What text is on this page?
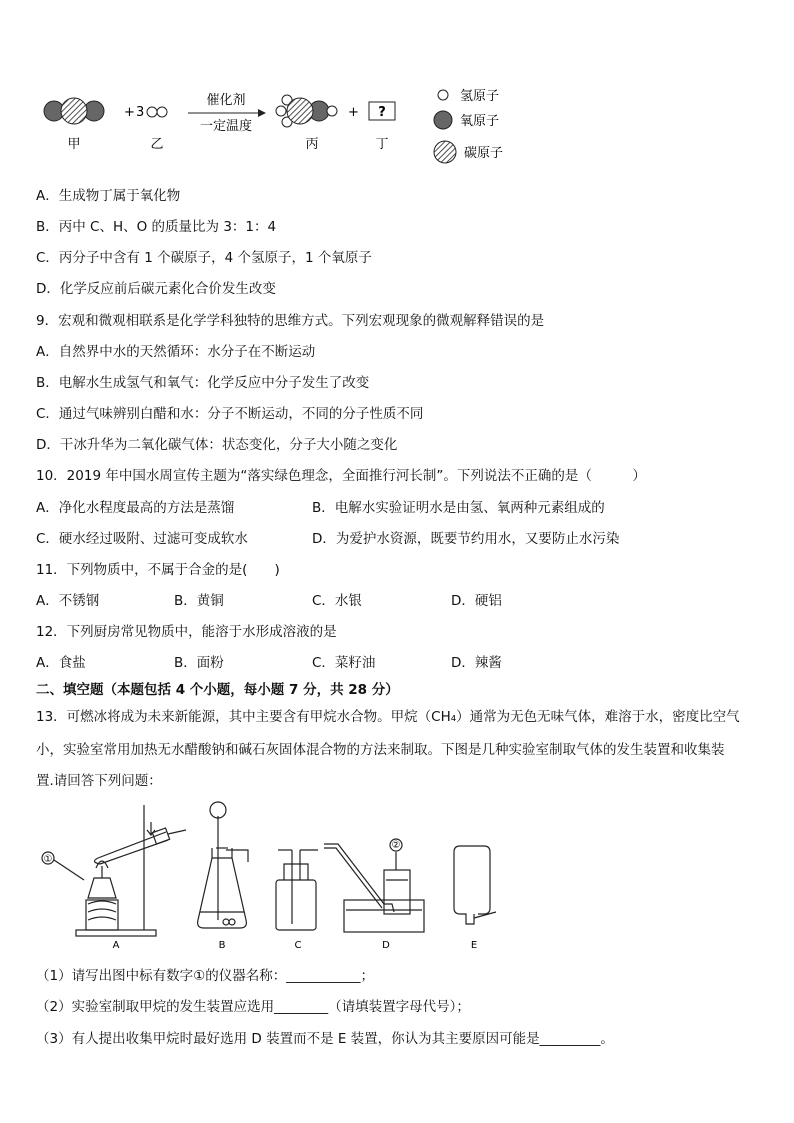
+ 3
催化剂
一定温度
+ ?
甲	乙	丙	丁
氢原子
氧原子
碳原子
A．生成物丁属于氧化物
B．丙中 C、H、O 的质量比为 3：1：4
C．丙分子中含有 1 个碳原子，4 个氢原子，1 个氧原子
D．化学反应前后碳元素化合价发生改变
9．宏观和微观相联系是化学学科独特的思维方式。下列宏观现象的微观解释错误的是
A．自然界中水的天然循环：水分子在不断运动
B．电解水生成氢气和氧气：化学反应中分子发生了改变
C．通过气味辨别白醋和水：分子不断运动，不同的分子性质不同
D．干冰升华为二氧化碳气体：状态变化，分子大小随之变化
10．2019 年中国水周宣传主题为“落实绿色理念，全面推行河长制”。下列说法不正确的是（　　　）
A．净化水程度最高的方法是蒸馏	B．电解水实验证明水是由氢、氧两种元素组成的
C．硬水经过吸附、过滤可变成软水	D．为爱护水资源，既要节约用水，又要防止水污染
11．下列物质中，不属于合金的是(　　)
A．不锈钢	B．黄铜	C．水银	D．硬铝
12．下列厨房常见物质中，能溶于水形成溶液的是
A．食盐	B．面粉	C．菜籽油	D．辣酱
二、填空题（本题包括 4 个小题，每小题 7 分，共 28 分）
13．可燃冰将成为未来新能源，其中主要含有甲烷水合物。甲烷（CH₄）通常为无色无味气体，难溶于水，密度比空气
小，实验室常用加热无水醋酸钠和碱石灰固体混合物的方法来制取。下图是几种实验室制取气体的发生装置和收集装
置.请回答下列问题：
①
②
A	B	C	D	E
（1）请写出图中标有数字①的仪器名称：___________；
（2）实验室制取甲烷的发生装置应选用________（请填装置字母代号）；
（3）有人提出收集甲烷时最好选用 D 装置而不是 E 装置，你认为其主要原因可能是_________。
